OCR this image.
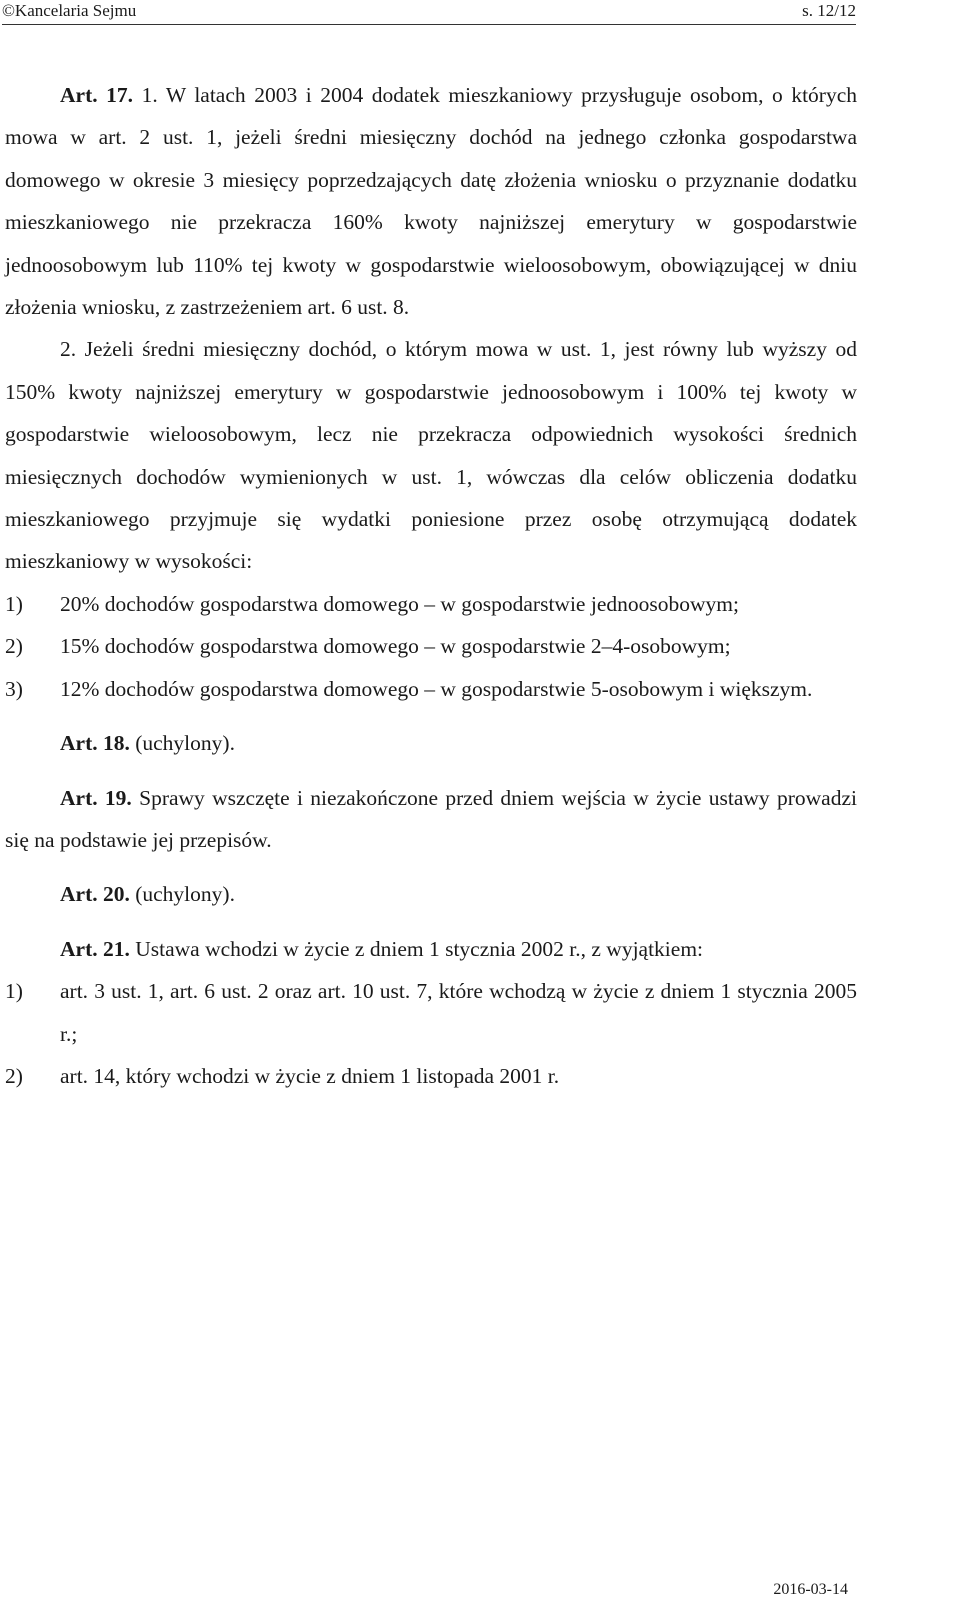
©Kancelaria Sejmu	s. 12/12

Art. 17. 1. W latach 2003 i 2004 dodatek mieszkaniowy przysługuje osobom, o których mowa w art. 2 ust. 1, jeżeli średni miesięczny dochód na jednego członka gospodarstwa domowego w okresie 3 miesięcy poprzedzających datę złożenia wniosku o przyznanie dodatku mieszkaniowego nie przekracza 160% kwoty najniższej emerytury w gospodarstwie jednoosobowym lub 110% tej kwoty w gospodarstwie wieloosobowym, obowiązującej w dniu złożenia wniosku, z zastrzeżeniem art. 6 ust. 8.

2. Jeżeli średni miesięczny dochód, o którym mowa w ust. 1, jest równy lub wyższy od 150% kwoty najniższej emerytury w gospodarstwie jednoosobowym i 100% tej kwoty w gospodarstwie wieloosobowym, lecz nie przekracza odpowiednich wysokości średnich miesięcznych dochodów wymienionych w ust. 1, wówczas dla celów obliczenia dodatku mieszkaniowego przyjmuje się wydatki poniesione przez osobę otrzymującą dodatek mieszkaniowy w wysokości:

1)	20% dochodów gospodarstwa domowego – w gospodarstwie jednoosobowym;
2)	15% dochodów gospodarstwa domowego – w gospodarstwie 2–4-osobowym;
3)	12% dochodów gospodarstwa domowego – w gospodarstwie 5-osobowym i większym.

Art. 18. (uchylony).

Art. 19. Sprawy wszczęte i niezakończone przed dniem wejścia w życie ustawy prowadzi się na podstawie jej przepisów.

Art. 20. (uchylony).

Art. 21. Ustawa wchodzi w życie z dniem 1 stycznia 2002 r., z wyjątkiem:

1)	art. 3 ust. 1, art. 6 ust. 2 oraz art. 10 ust. 7, które wchodzą w życie z dniem 1 stycznia 2005 r.;
2)	art. 14, który wchodzi w życie z dniem 1 listopada 2001 r.
2016-03-14
